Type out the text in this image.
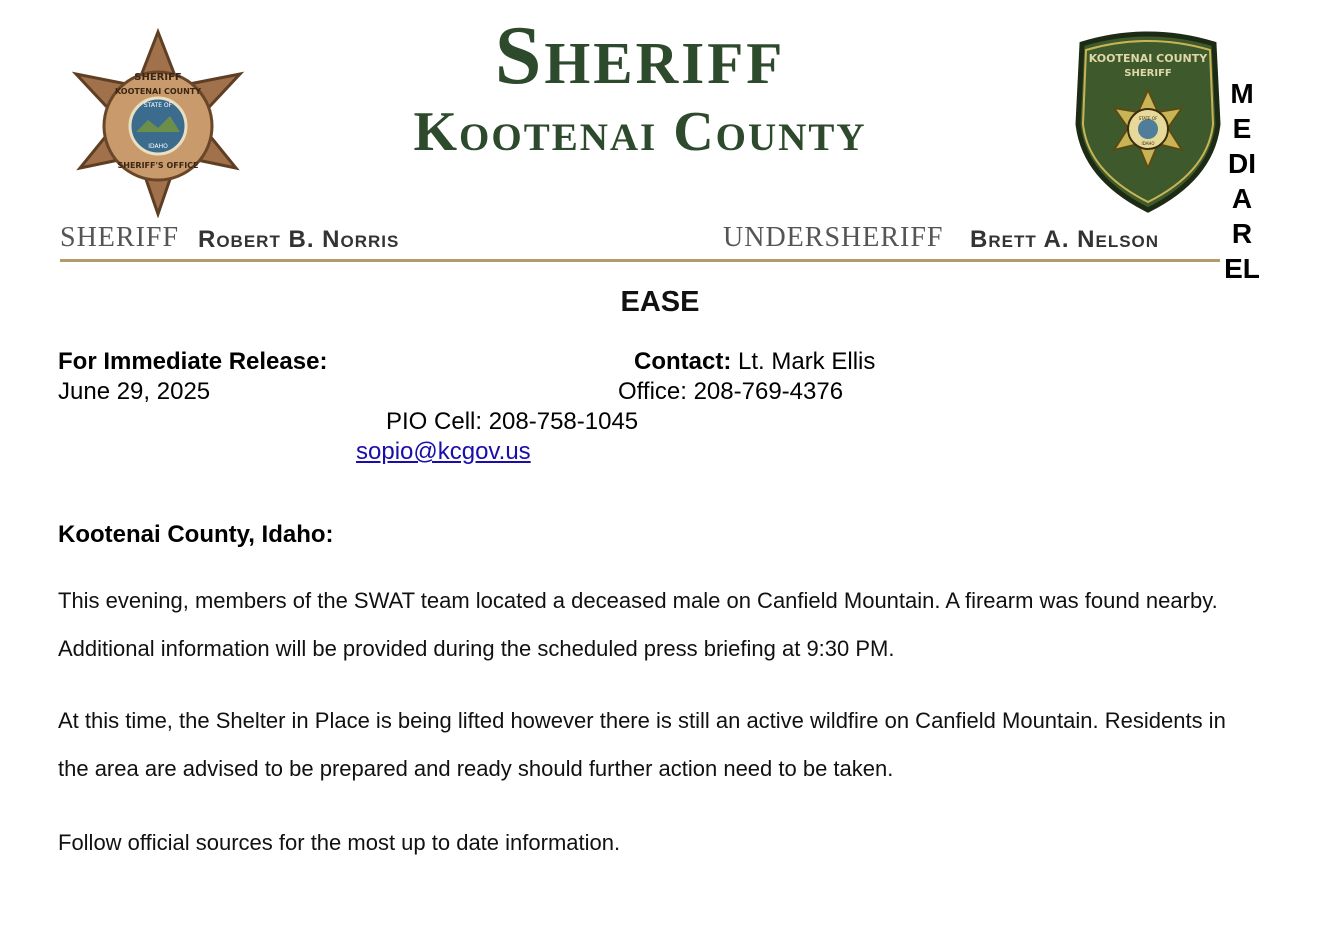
SHERIFF
KOOTENAI COUNTY
STATE OF
IDAHO
SHERIFF'S OFFICE
KOOTENAI COUNTY
SHERIFF
STATE OF
IDAHO
Sheriff
Kootenai County
SHERIFF Robert B. Norris	UNDERSHERIFF Brett A. Nelson
M
E
DI
A
R
EL
EASE
For Immediate Release:
June 29, 2025
Contact: Lt. Mark Ellis
Office: 208-769-4376
PIO Cell: 208-758-1045
sopio@kcgov.us
Kootenai County, Idaho:
This evening, members of the SWAT team located a deceased male on Canfield Mountain. A firearm was found nearby. Additional information will be provided during the scheduled press briefing at 9:30 PM.
At this time, the Shelter in Place is being lifted however there is still an active wildfire on Canfield Mountain. Residents in the area are advised to be prepared and ready should further action need to be taken.
Follow official sources for the most up to date information.
